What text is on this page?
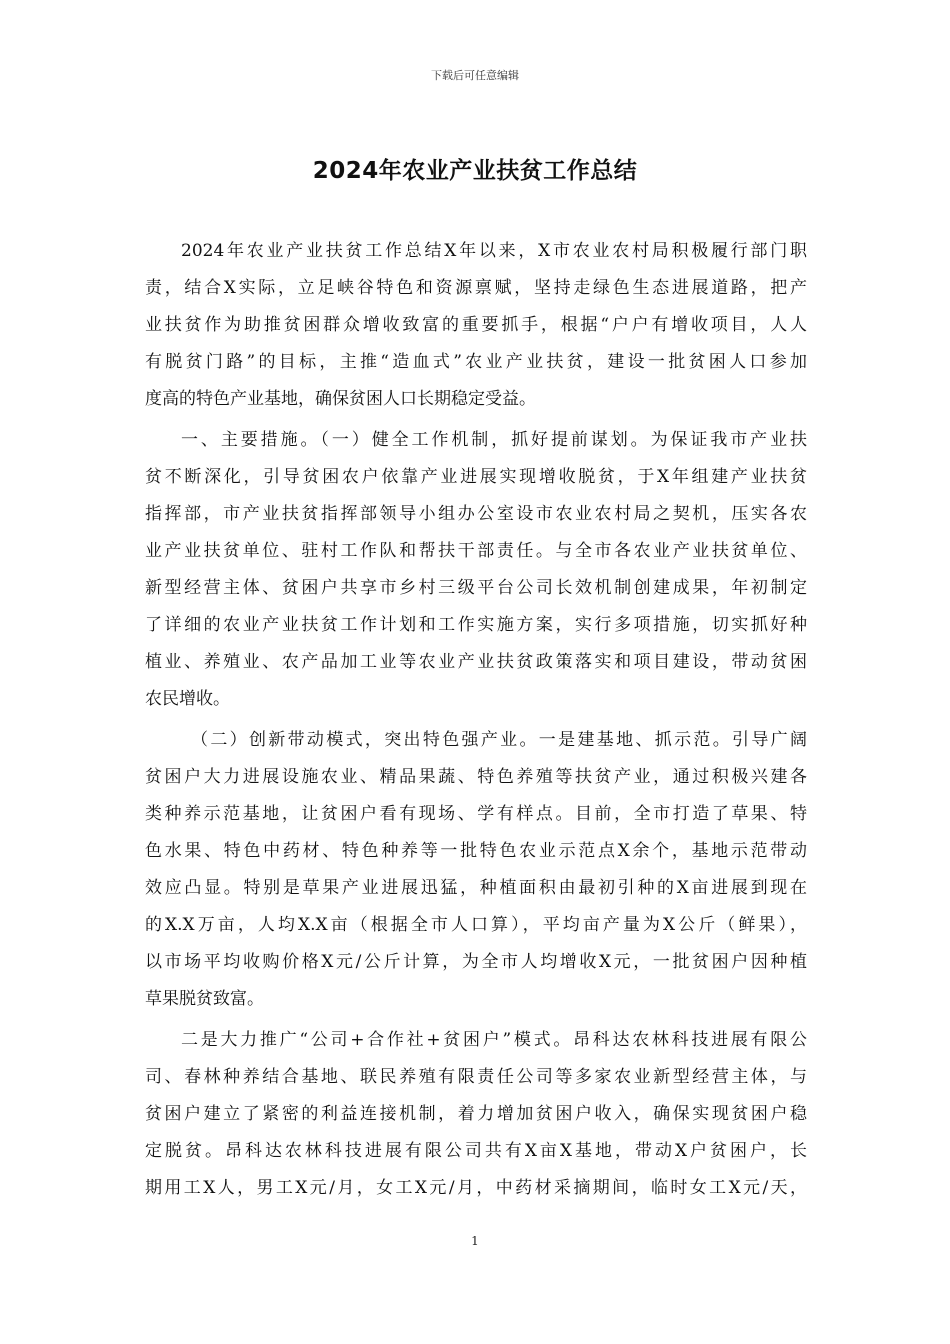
下载后可任意编辑
2024年农业产业扶贫工作总结
2024年农业产业扶贫工作总结X年以来，X市农业农村局积极履行部门职
责，结合X实际，立足峡谷特色和资源禀赋，坚持走绿色生态进展道路，把产
业扶贫作为助推贫困群众增收致富的重要抓手，根据“户户有增收项目，人人
有脱贫门路”的目标，主推“造血式”农业产业扶贫，建设一批贫困人口参加
度高的特色产业基地，确保贫困人口长期稳定受益。
一、主要措施。（一）健全工作机制，抓好提前谋划。为保证我市产业扶
贫不断深化，引导贫困农户依靠产业进展实现增收脱贫，于X年组建产业扶贫
指挥部，市产业扶贫指挥部领导小组办公室设市农业农村局之契机，压实各农
业产业扶贫单位、驻村工作队和帮扶干部责任。与全市各农业产业扶贫单位、
新型经营主体、贫困户共享市乡村三级平台公司长效机制创建成果，年初制定
了详细的农业产业扶贫工作计划和工作实施方案，实行多项措施，切实抓好种
植业、养殖业、农产品加工业等农业产业扶贫政策落实和项目建设，带动贫困
农民增收。
（二）创新带动模式，突出特色强产业。一是建基地、抓示范。引导广阔
贫困户大力进展设施农业、精品果蔬、特色养殖等扶贫产业，通过积极兴建各
类种养示范基地，让贫困户看有现场、学有样点。目前，全市打造了草果、特
色水果、特色中药材、特色种养等一批特色农业示范点X余个，基地示范带动
效应凸显。特别是草果产业进展迅猛，种植面积由最初引种的X亩进展到现在
的X.X万亩，人均X.X亩（根据全市人口算），平均亩产量为X公斤（鲜果），
以市场平均收购价格X元/公斤计算，为全市人均增收X元，一批贫困户因种植
草果脱贫致富。
二是大力推广“公司+合作社+贫困户”模式。昂科达农林科技进展有限公
司、春林种养结合基地、联民养殖有限责任公司等多家农业新型经营主体，与
贫困户建立了紧密的利益连接机制，着力增加贫困户收入，确保实现贫困户稳
定脱贫。昂科达农林科技进展有限公司共有X亩X基地，带动X户贫困户，长
期用工X人，男工X元/月，女工X元/月，中药材采摘期间，临时女工X元/天，
1
